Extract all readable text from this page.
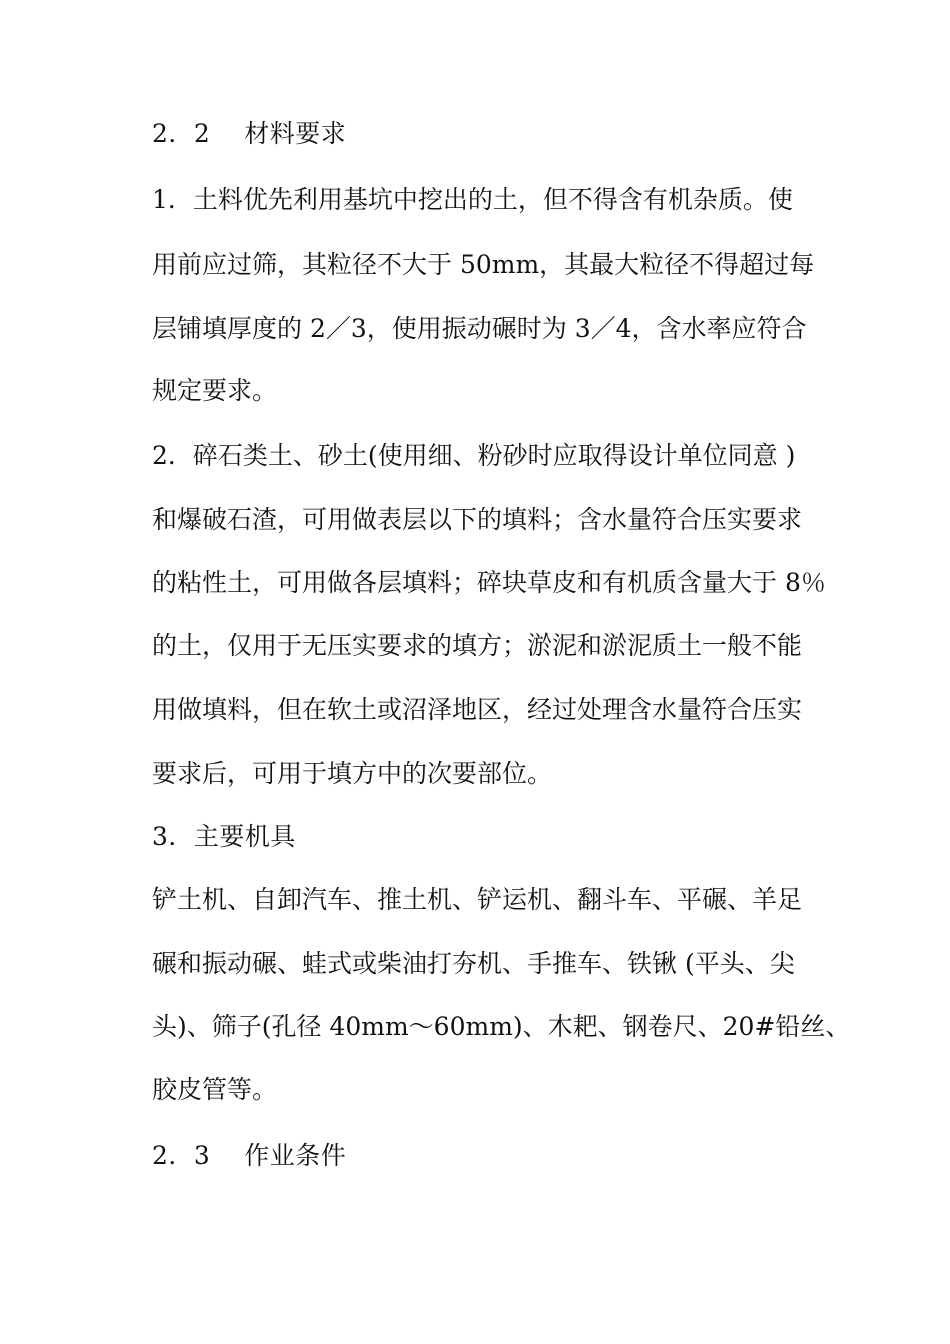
2．2　 材料要求
1．土料优先利用基坑中挖出的土，但不得含有机杂质。使
用前应过筛，其粒径不大于 50mm，其最大粒径不得超过每
层铺填厚度的 2／3，使用振动碾时为 3／4，含水率应符合
规定要求。
2．碎石类土、砂土(使用细、粉砂时应取得设计单位同意 )
和爆破石渣，可用做表层以下的填料；含水量符合压实要求
的粘性土，可用做各层填料；碎块草皮和有机质含量大于 8％
的土，仅用于无压实要求的填方；淤泥和淤泥质土一般不能
用做填料，但在软土或沼泽地区，经过处理含水量符合压实
要求后，可用于填方中的次要部位。
3．主要机具
铲土机、自卸汽车、推土机、铲运机、翻斗车、平碾、羊足
碾和振动碾、蛙式或柴油打夯机、手推车、铁锹 (平头、尖
头)、筛子(孔径 40mm～60mm)、木耙、钢卷尺、20#铅丝、
胶皮管等。
2．3　 作业条件
